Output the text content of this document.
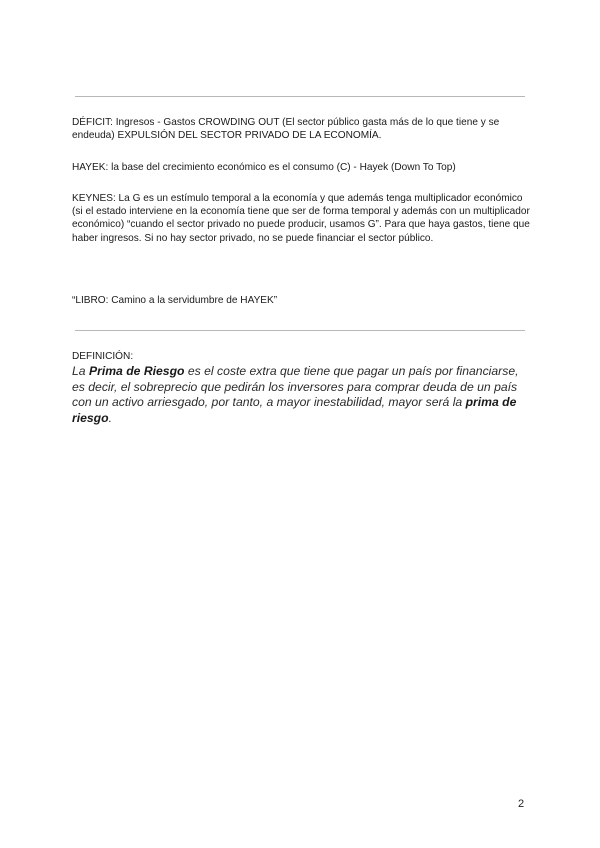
DÉFICIT: Ingresos - Gastos CROWDING OUT (El sector público gasta más de lo que tiene y se endeuda) EXPULSIÓN DEL SECTOR PRIVADO DE LA ECONOMÍA.

HAYEK: la base del crecimiento económico es el consumo (C) - Hayek (Down To Top)

KEYNES: La G es un estímulo temporal a la economía y que además tenga multiplicador económico (si el estado interviene en la economía tiene que ser de forma temporal y además con un multiplicador económico) “cuando el sector privado no puede producir, usamos G”. Para que haya gastos, tiene que haber ingresos. Si no hay sector privado, no se puede financiar el sector público.

“LIBRO: Camino a la servidumbre de HAYEK”

DEFINICIÓN:

La Prima de Riesgo es el coste extra que tiene que pagar un país por financiarse, es decir, el sobreprecio que pedirán los inversores para comprar deuda de un país con un activo arriesgado, por tanto, a mayor inestabilidad, mayor será la prima de riesgo.

2
